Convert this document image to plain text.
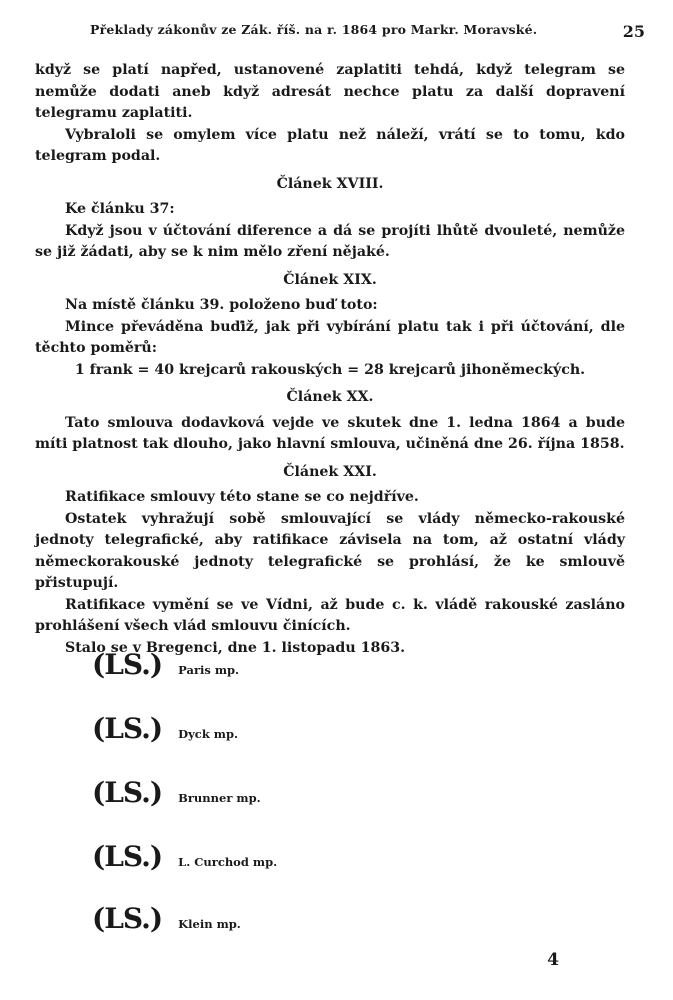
Překlady zákonův ze Zák. říš. na r. 1864 pro Markr. Moravské.	25

když se platí napřed, ustanovené zaplatiti tehdá, když telegram se nemůže dodati aneb když adresát nechce platu za další dopravení telegramu zaplatiti.

Vybraloli se omylem více platu než náleží, vrátí se to tomu, kdo telegram podal.

Článek XVIII.

Ke článku 37:

Když jsou v účtování diference a dá se projíti lhůtě dvouleté, nemůže se již žádati, aby se k nim mělo zření nějaké.

Článek XIX.

Na místě článku 39. položeno buď toto:

Mince převáděna buďiž, jak při vybírání platu tak i při účtování, dle těchto poměrů:

1 frank = 40 krejcarů rakouských = 28 krejcarů jihoněmeckých.

Článek XX.

Tato smlouva dodavková vejde ve skutek dne 1. ledna 1864 a bude míti platnost tak dlouho, jako hlavní smlouva, učiněná dne 26. října 1858.

Článek XXI.

Ratifikace smlouvy této stane se co nejdříve.

Ostatek vyhražují sobě smlouvající se vlády německo-rakouské jednoty telegrafické, aby ratifikace závisela na tom, až ostatní vlády německorakouské jednoty telegrafické se prohlásí, že ke smlouvě přistupují.

Ratifikace vymění se ve Vídni, až bude c. k. vládě rakouské zasláno prohlášení všech vlád smlouvu činících.

Stalo se v Bregenci, dne 1. listopadu 1863.

(LS.) Paris mp.
(LS.) Dyck mp.
(LS.) Brunner mp.
(LS.) L. Curchod mp.
(LS.) Klein mp.
4
